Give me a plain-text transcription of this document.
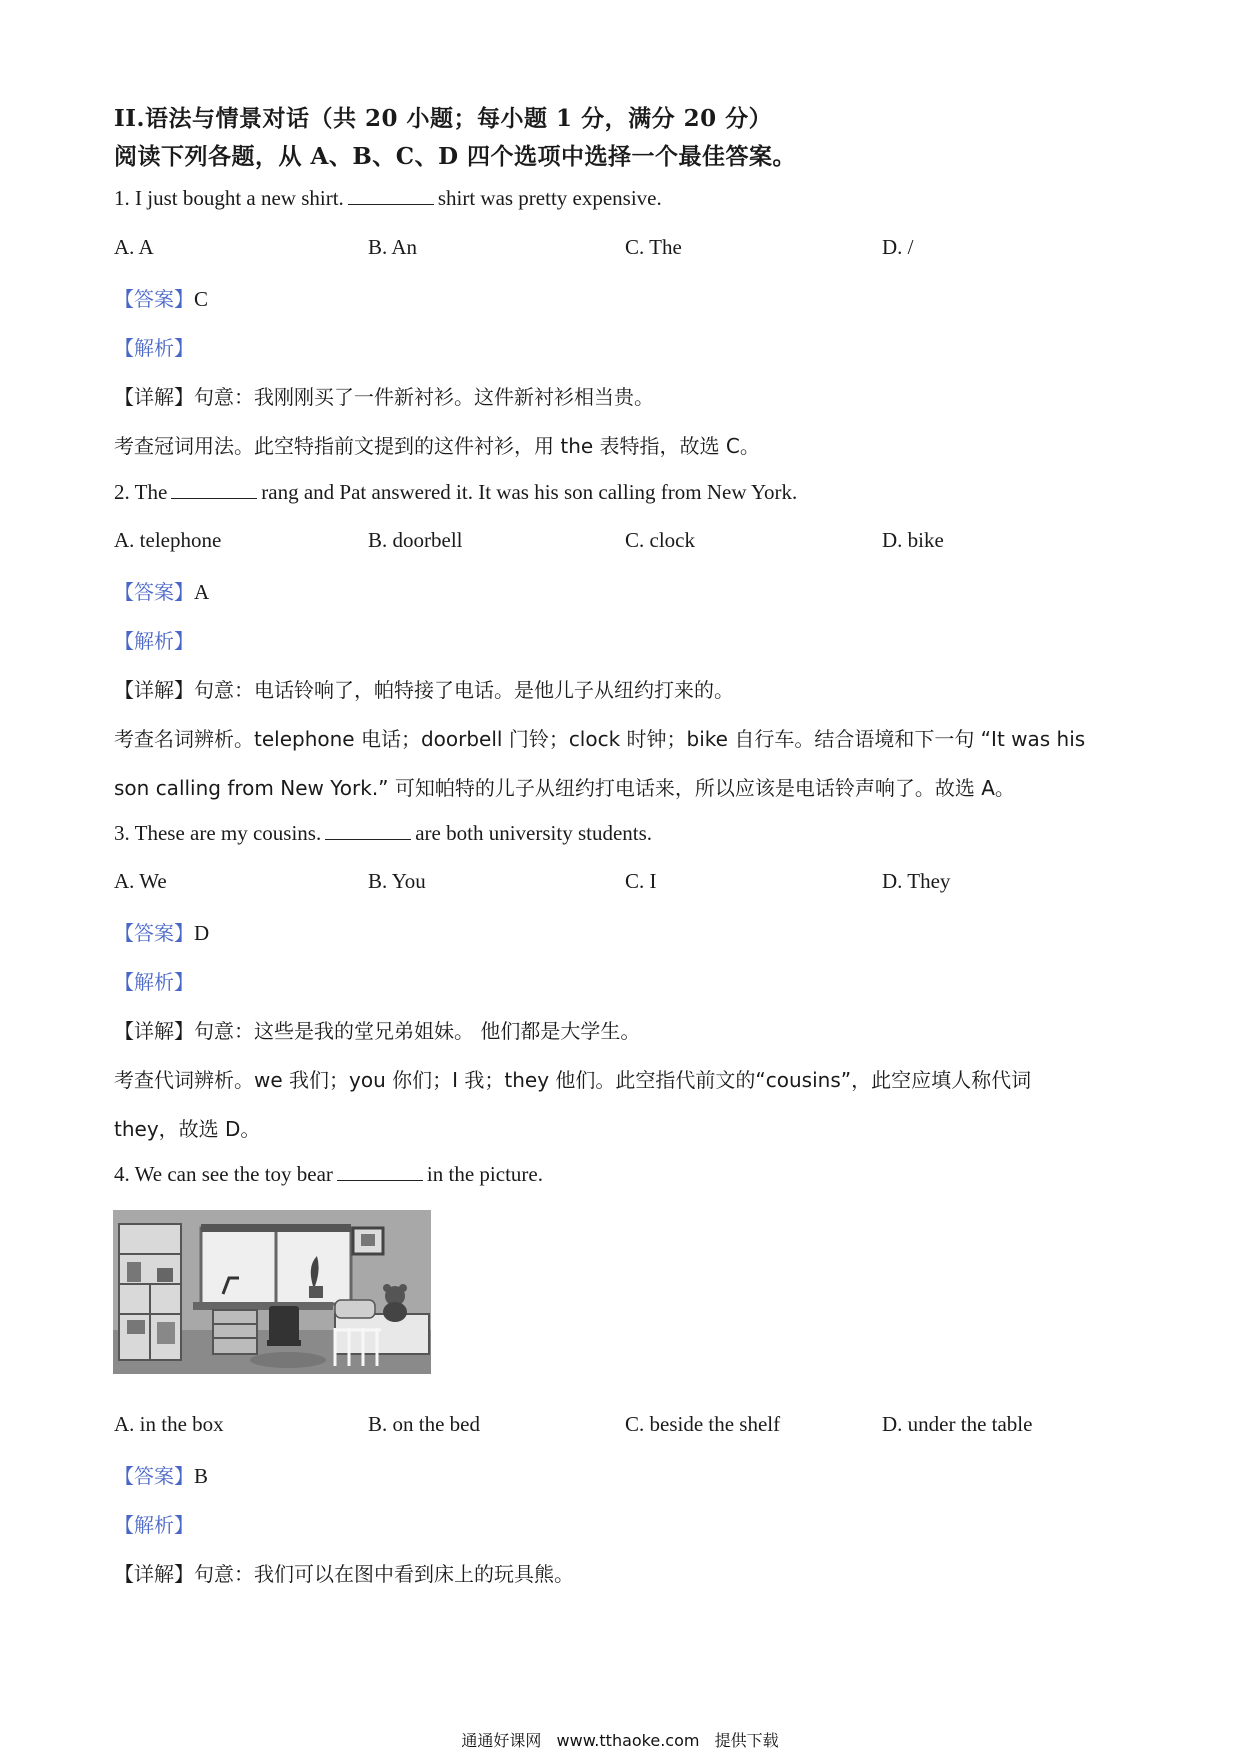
II.语法与情景对话（共 20 小题；每小题 1 分，满分 20 分）
阅读下列各题，从 A、B、C、D 四个选项中选择一个最佳答案。
1. I just bought a new shirt.	shirt was pretty expensive.
A. A	B. An	C. The	D. /
【答案】C
【解析】
【详解】句意：我刚刚买了一件新衬衫。这件新衬衫相当贵。
考查冠词用法。此空特指前文提到的这件衬衫，用 the 表特指，故选 C。
2. The	rang and Pat answered it. It was his son calling from New York.
A. telephone	B. doorbell	C. clock	D. bike
【答案】A
【解析】
【详解】句意：电话铃响了，帕特接了电话。是他儿子从纽约打来的。
考查名词辨析。telephone 电话；doorbell 门铃；clock 时钟；bike 自行车。结合语境和下一句 “It was his
son calling from New York.” 可知帕特的儿子从纽约打电话来，所以应该是电话铃声响了。故选 A。
3. These are my cousins.	are both university students.
A. We	B. You	C. I	D. They
【答案】D
【解析】
【详解】句意：这些是我的堂兄弟姐妹。 他们都是大学生。
考查代词辨析。we 我们；you 你们；I 我；they 他们。此空指代前文的“cousins”，此空应填人称代词
they，故选 D。
4. We can see the toy bear	in the picture.
A. in the box	B. on the bed	C. beside the shelf	D. under the table
【答案】B
【解析】
【详解】句意：我们可以在图中看到床上的玩具熊。
通通好课网 www.tthaoke.com 提供下载
